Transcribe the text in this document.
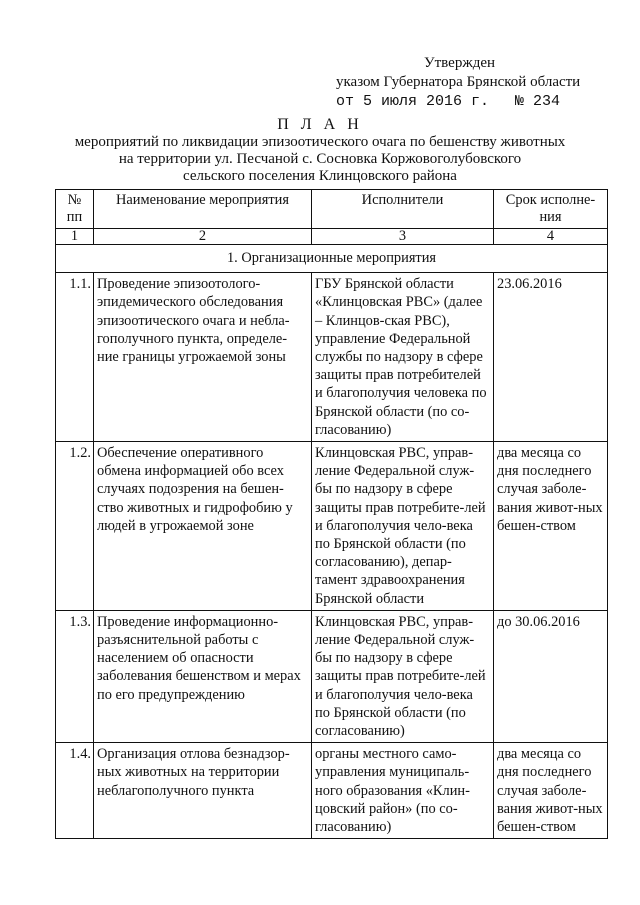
Утвержден
указом Губернатора Брянской области
от 5 июля 2016 г. № 234
П Л А Н
мероприятий по ликвидации эпизоотического очага по бешенству животных
на территории ул. Песчаной с. Сосновка Коржовоголубовского
сельского поселения Клинцовского района
№ пп	Наименование мероприятия	Исполнители	Срок исполне-ния
1	2	3	4
1. Организационные мероприятия			
1.1.	Проведение эпизоотолого-эпидемического обследования эпизоотического очага и небла-гополучного пункта, определе-ние границы угрожаемой зоны	ГБУ Брянской области «Клинцовская РВС» (далее – Клинцов-ская РВС), управление Федеральной службы по надзору в сфере защиты прав потребителей и благополучия человека по Брянской области (по со-гласованию)	23.06.2016
1.2.	Обеспечение оперативного обмена информацией обо всех случаях подозрения на бешен-ство животных и гидрофобию у людей в угрожаемой зоне	Клинцовская РВС, управ-ление Федеральной служ-бы по надзору в сфере защиты прав потребите-лей и благополучия чело-века по Брянской области (по согласованию), депар-тамент здравоохранения Брянской области	два месяца со дня последнего случая заболе-вания живот-ных бешен-ством
1.3.	Проведение информационно-разъяснительной работы с населением об опасности заболевания бешенством и мерах по его предупреждению	Клинцовская РВС, управ-ление Федеральной служ-бы по надзору в сфере защиты прав потребите-лей и благополучия чело-века по Брянской области (по согласованию)	до 30.06.2016
1.4.	Организация отлова безнадзор-ных животных на территории неблагополучного пункта	органы местного само-управления муниципаль-ного образования «Клин-цовский район» (по со-гласованию)	два месяца со дня последнего случая заболе-вания живот-ных бешен-ством
